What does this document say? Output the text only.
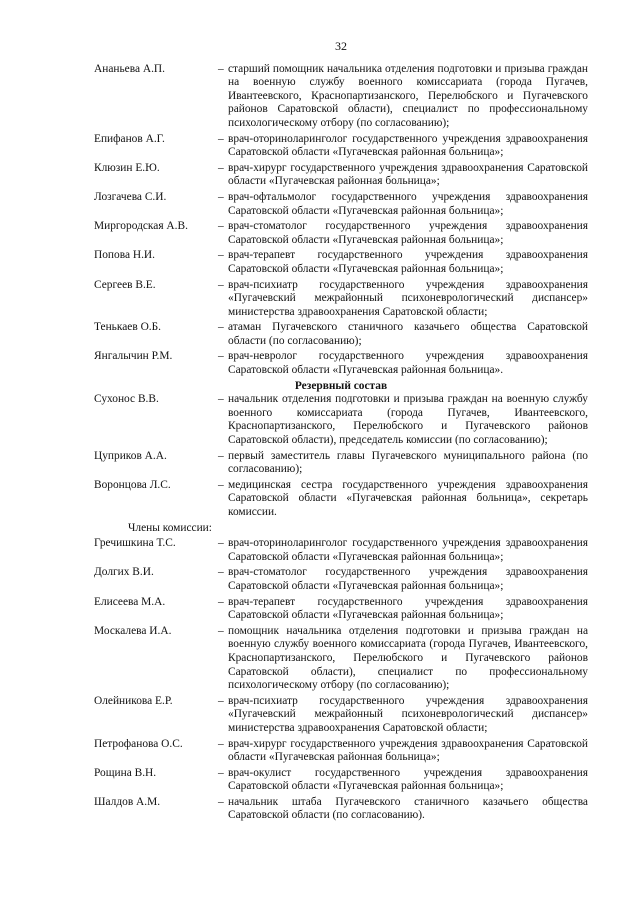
32
Ананьева А.П.	– старший помощник начальника отделения подготовки и призыва граждан на военную службу военного комиссариата (города Пугачев, Ивантеевского, Краснопартизанского, Перелюбского и Пугачевского районов Саратовской области), специалист по профессиональному психологическому отбору (по согласованию);
Епифанов А.Г.	– врач-оториноларинголог государственного учреждения здравоохранения Саратовской области «Пугачевская районная больница»;
Клюзин Е.Ю.	– врач-хирург государственного учреждения здравоохранения Саратовской области «Пугачевская районная больница»;
Лозгачева С.И.	– врач-офтальмолог государственного учреждения здравоохранения Саратовской области «Пугачевская районная больница»;
Миргородская А.В.	– врач-стоматолог государственного учреждения здравоохранения Саратовской области «Пугачевская районная больница»;
Попова Н.И.	– врач-терапевт государственного учреждения здравоохранения Саратовской области «Пугачевская районная больница»;
Сергеев В.Е.	– врач-психиатр государственного учреждения здравоохранения «Пугачевский межрайонный психоневрологический диспансер» министерства здравоохранения Саратовской области;
Тенькаев О.Б.	– атаман Пугачевского станичного казачьего общества Саратовской области (по согласованию);
Янгалычин Р.М.	– врач-невролог государственного учреждения здравоохранения Саратовской области «Пугачевская районная больница».
Резервный состав
Сухонос В.В.	– начальник отделения подготовки и призыва граждан на военную службу военного комиссариата (города Пугачев, Ивантеевского, Краснопартизанского, Перелюбского и Пугачевского районов Саратовской области), председатель комиссии (по согласованию);
Цуприков А.А.	– первый заместитель главы Пугачевского муниципального района (по согласованию);
Воронцова Л.С.	– медицинская сестра государственного учреждения здравоохранения Саратовской области «Пугачевская районная больница», секретарь комиссии.
Члены комиссии:
Гречишкина Т.С.	– врач-оториноларинголог государственного учреждения здравоохранения Саратовской области «Пугачевская районная больница»;
Долгих В.И.	– врач-стоматолог государственного учреждения здравоохранения Саратовской области «Пугачевская районная больница»;
Елисеева М.А.	– врач-терапевт государственного учреждения здравоохранения Саратовской области «Пугачевская районная больница»;
Москалева И.А.	– помощник начальника отделения подготовки и призыва граждан на военную службу военного комиссариата (города Пугачев, Ивантеевского, Краснопартизанского, Перелюбского и Пугачевского районов Саратовской области), специалист по профессиональному психологическому отбору (по согласованию);
Олейникова Е.Р.	– врач-психиатр государственного учреждения здравоохранения «Пугачевский межрайонный психоневрологический диспансер» министерства здравоохранения Саратовской области;
Петрофанова О.С.	– врач-хирург государственного учреждения здравоохранения Саратовской области «Пугачевская районная больница»;
Рощина В.Н.	– врач-окулист государственного учреждения здравоохранения Саратовской области «Пугачевская районная больница»;
Шалдов А.М.	– начальник штаба Пугачевского станичного казачьего общества Саратовской области (по согласованию).
